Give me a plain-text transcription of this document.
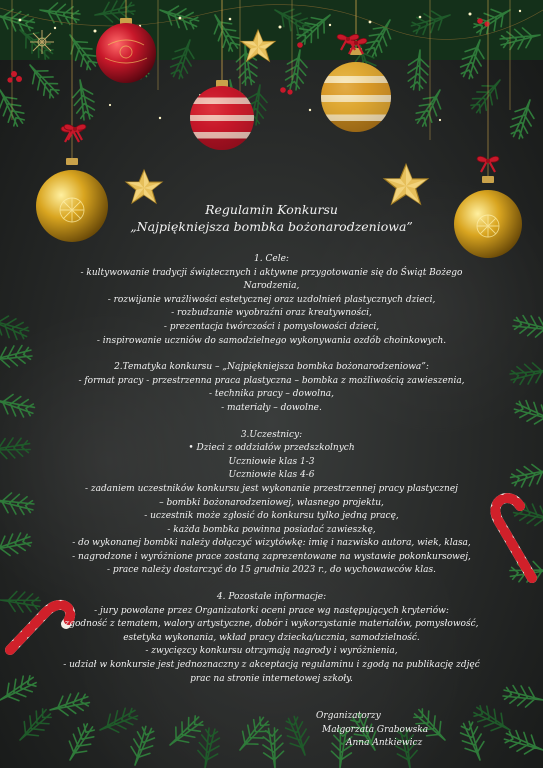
Regulamin Konkursu
„Najpiękniejsza bombka bożonarodzeniowa”
1. Cele:
- kultywowanie tradycji świątecznych i aktywne przygotowanie się do Świąt Bożego
Narodzenia,
- rozwijanie wrażliwości estetycznej oraz uzdolnień plastycznych dzieci,
- rozbudzanie wyobraźni oraz kreatywności,
- prezentacja twórczości i pomysłowości dzieci,
- inspirowanie uczniów do samodzielnego wykonywania ozdób choinkowych.
2.Tematyka konkursu – „Najpiękniejsza bombka bożonarodzeniowa”:
- format pracy - przestrzenna praca plastyczna – bombka z możliwością zawieszenia,
- technika pracy – dowolna,
- materiały – dowolne.
3.Uczestnicy:
• Dzieci z oddziałów przedszkolnych
Uczniowie klas 1-3
Uczniowie klas 4-6
- zadaniem uczestników konkursu jest wykonanie przestrzennej pracy plastycznej
– bombki bożonarodzeniowej, własnego projektu,
- uczestnik może zgłosić do konkursu tylko jedną pracę,
- każda bombka powinna posiadać zawieszkę,
- do wykonanej bombki należy dołączyć wizytówkę: imię i nazwisko autora, wiek, klasa,
- nagrodzone i wyróżnione prace zostaną zaprezentowane na wystawie pokonkursowej,
- prace należy dostarczyć do 15 grudnia 2023 r., do wychowawców klas.
4. Pozostałe informacje:
- jury powołane przez Organizatorki oceni prace wg następujących kryteriów:
zgodność z tematem, walory artystyczne, dobór i wykorzystanie materiałów, pomysłowość,
estetyka wykonania, wkład pracy dziecka/ucznia, samodzielność.
- zwycięzcy konkursu otrzymają nagrody i wyróżnienia,
- udział w konkursie jest jednoznaczny z akceptacją regulaminu i zgodą na publikację zdjęć
prac na stronie internetowej szkoły.
Organizatorzy
Małgorzata Grabowska
Anna Antkiewicz
